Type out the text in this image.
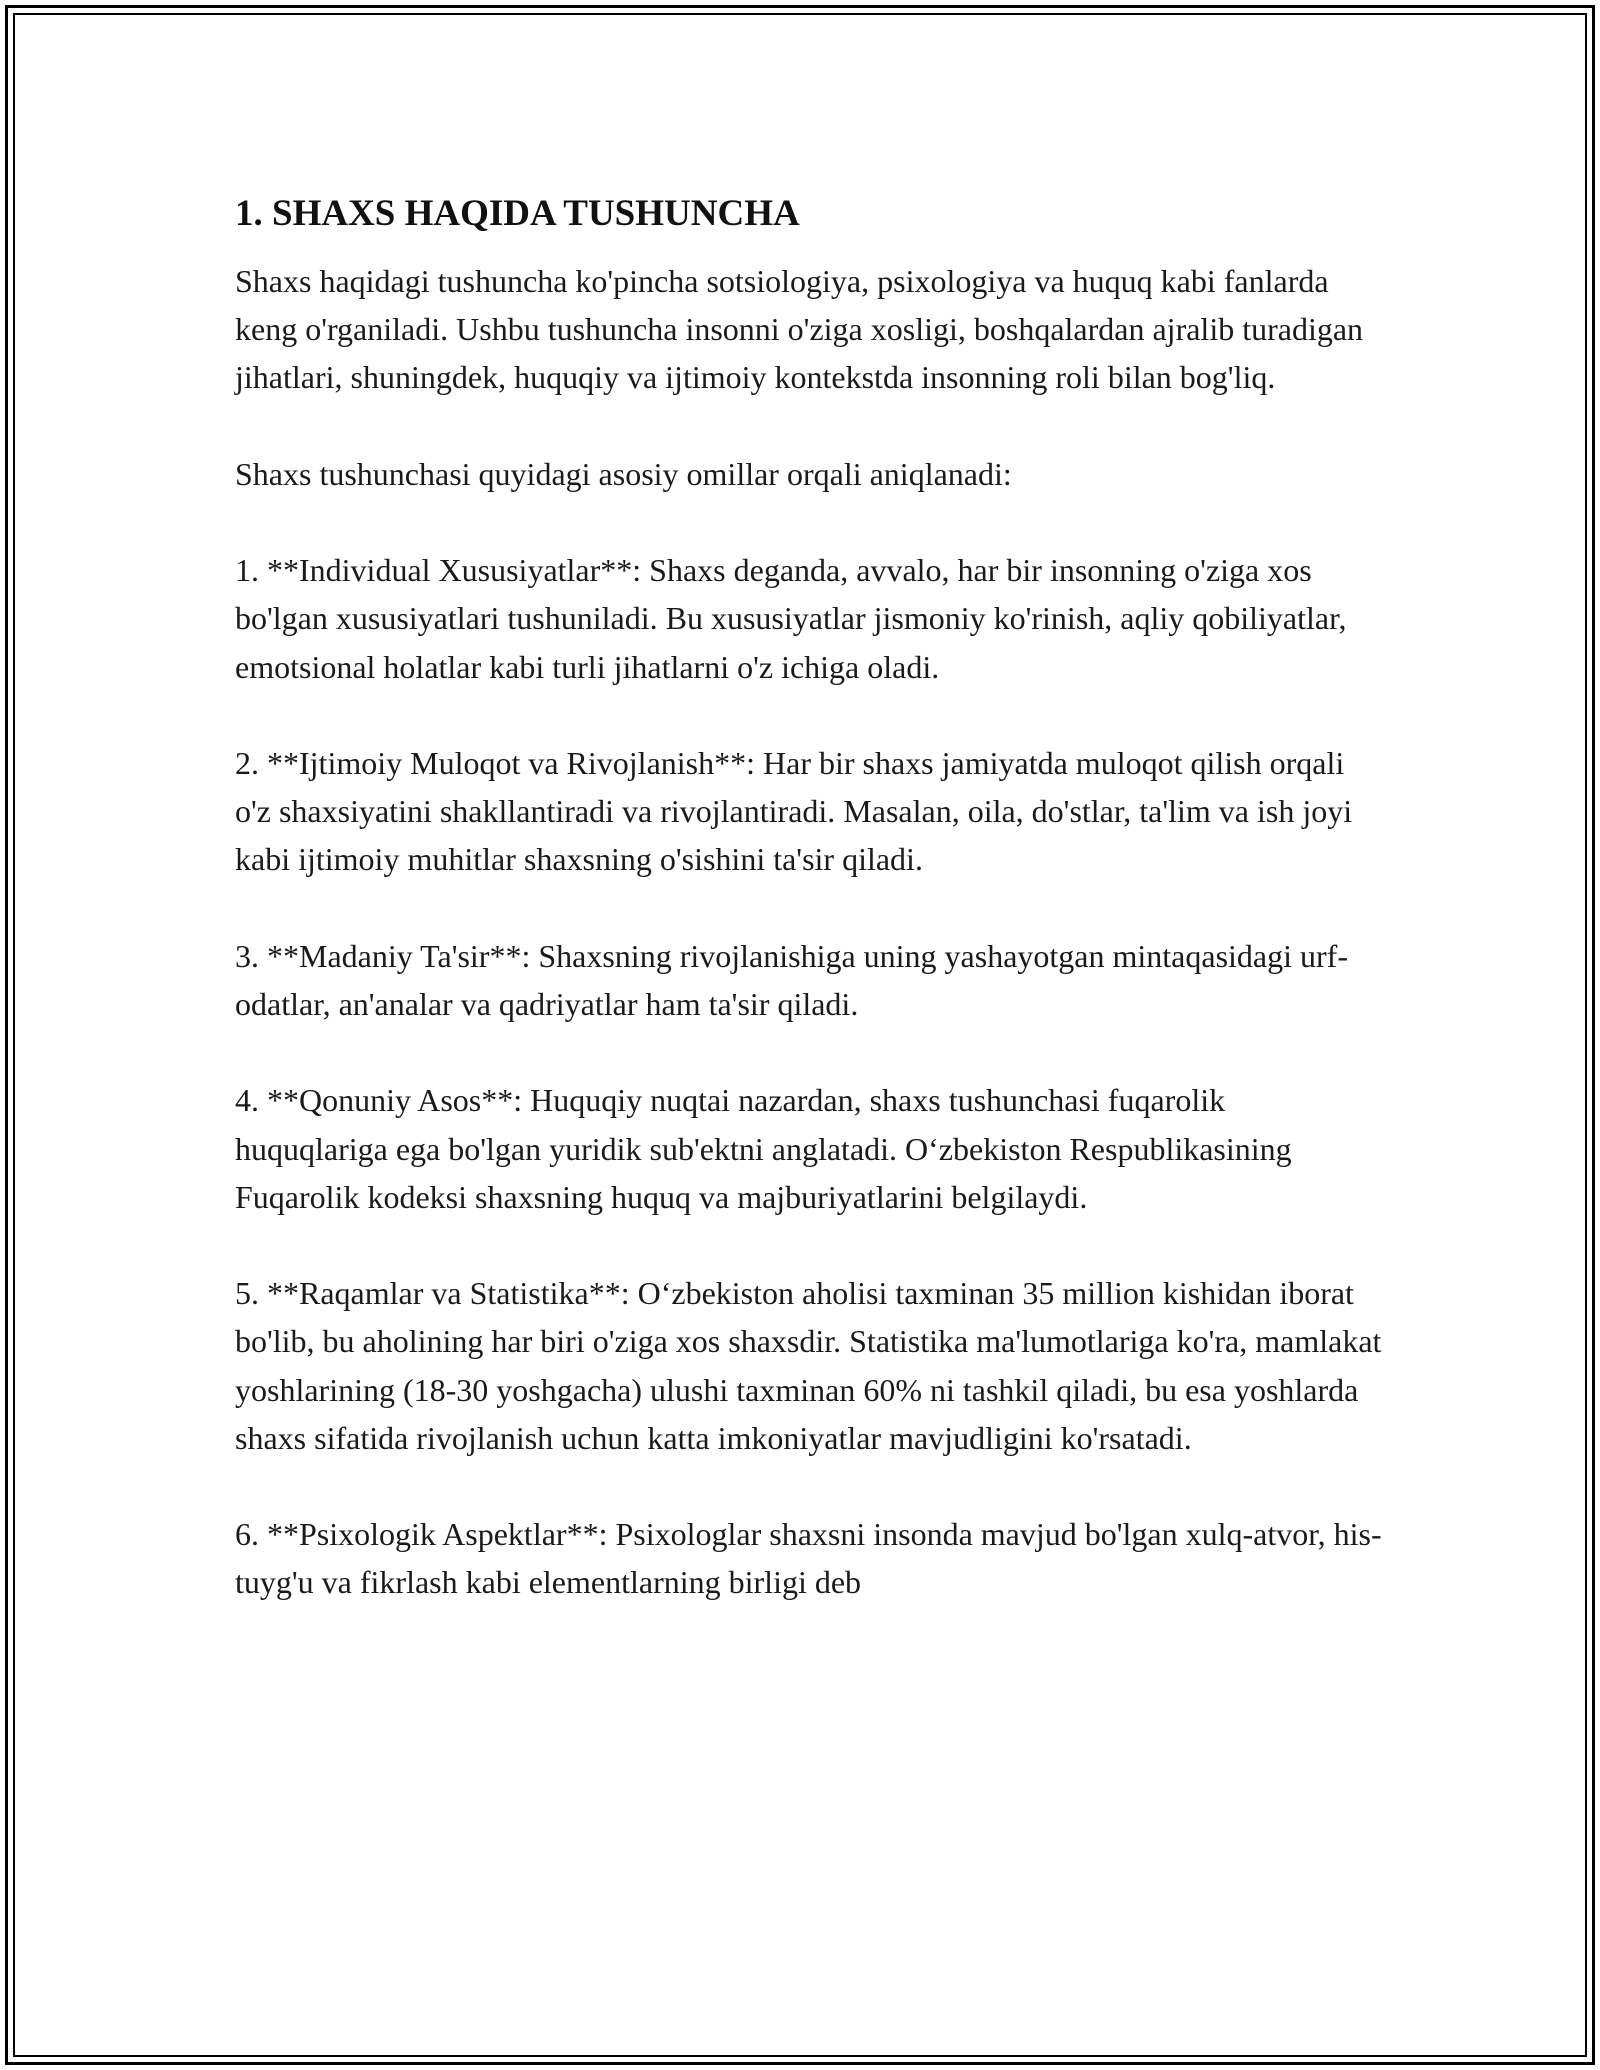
1. SHAXS HAQIDA TUSHUNCHA

Shaxs haqidagi tushuncha ko'pincha sotsiologiya, psixologiya va huquq kabi fanlarda keng o'rganiladi. Ushbu tushuncha insonni o'ziga xosligi, boshqalardan ajralib turadigan jihatlari, shuningdek, huquqiy va ijtimoiy kontekstda insonning roli bilan bog'liq.

Shaxs tushunchasi quyidagi asosiy omillar orqali aniqlanadi:

1. **Individual Xususiyatlar**: Shaxs deganda, avvalo, har bir insonning o'ziga xos bo'lgan xususiyatlari tushuniladi. Bu xususiyatlar jismoniy ko'rinish, aqliy qobiliyatlar, emotsional holatlar kabi turli jihatlarni o'z ichiga oladi.

2. **Ijtimoiy Muloqot va Rivojlanish**: Har bir shaxs jamiyatda muloqot qilish orqali o'z shaxsiyatini shakllantiradi va rivojlantiradi. Masalan, oila, do'stlar, ta'lim va ish joyi kabi ijtimoiy muhitlar shaxsning o'sishini ta'sir qiladi.

3. **Madaniy Ta'sir**: Shaxsning rivojlanishiga uning yashayotgan mintaqasidagi urf-odatlar, an'analar va qadriyatlar ham ta'sir qiladi.

4. **Qonuniy Asos**: Huquqiy nuqtai nazardan, shaxs tushunchasi fuqarolik huquqlariga ega bo'lgan yuridik sub'ektni anglatadi. O‘zbekiston Respublikasining Fuqarolik kodeksi shaxsning huquq va majburiyatlarini belgilaydi.

5. **Raqamlar va Statistika**: O‘zbekiston aholisi taxminan 35 million kishidan iborat bo'lib, bu aholining har biri o'ziga xos shaxsdir. Statistika ma'lumotlariga ko'ra, mamlakat yoshlarining (18-30 yoshgacha) ulushi taxminan 60% ni tashkil qiladi, bu esa yoshlarda shaxs sifatida rivojlanish uchun katta imkoniyatlar mavjudligini ko'rsatadi.

6. **Psixologik Aspektlar**: Psixologlar shaxsni insonda mavjud bo'lgan xulq-atvor, his-tuyg'u va fikrlash kabi elementlarning birligi deb
